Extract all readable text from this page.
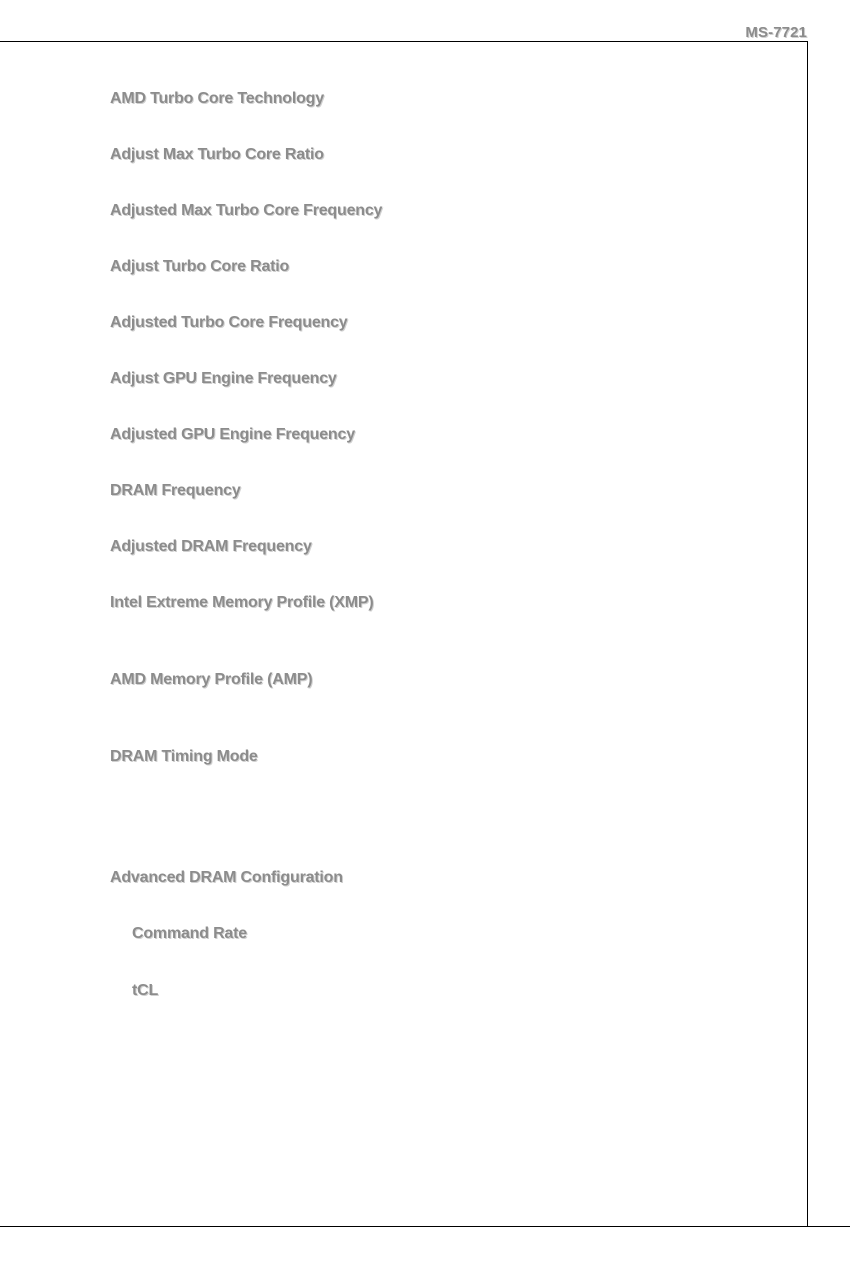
MS-7721

AMD Turbo Core Technology

Adjust Max Turbo Core Ratio

Adjusted Max Turbo Core Frequency

Adjust Turbo Core Ratio

Adjusted Turbo Core Frequency

Adjust GPU Engine Frequency

Adjusted GPU Engine Frequency

DRAM Frequency

Adjusted DRAM Frequency

Intel Extreme Memory Profile (XMP)

AMD Memory Profile (AMP)

DRAM Timing Mode

Advanced DRAM Configuration

Command Rate

tCL
